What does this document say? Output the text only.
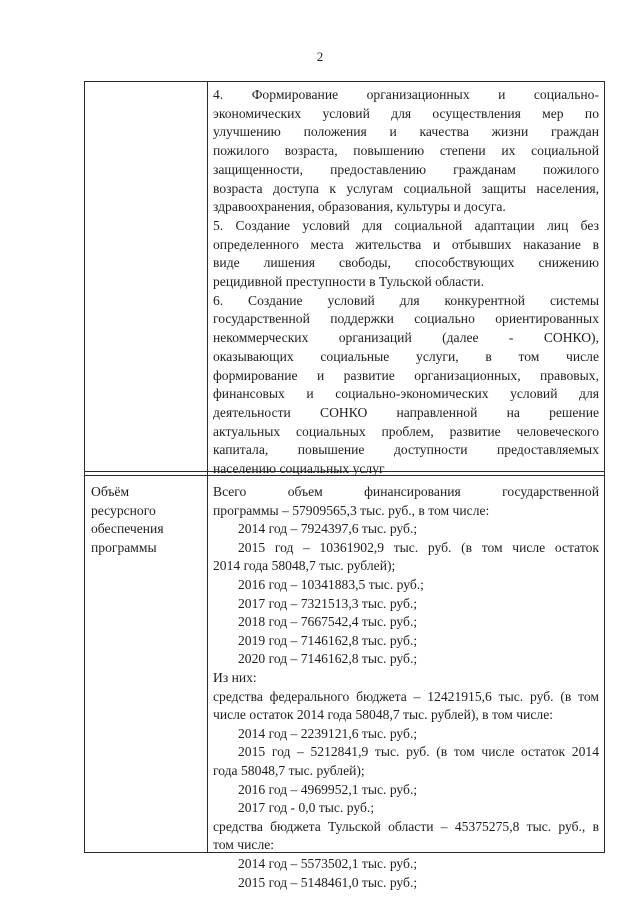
2
4. Формирование организационных и социально-
экономических условий для осуществления мер по
улучшению положения и качества жизни граждан
пожилого возраста, повышению степени их социальной
защищенности, предоставлению гражданам пожилого
возраста доступа к услугам социальной защиты населения,
здравоохранения, образования, культуры и досуга.
5. Создание условий для социальной адаптации лиц без
определенного места жительства и отбывших наказание в
виде лишения свободы, способствующих снижению
рецидивной преступности в Тульской области.
6. Создание условий для конкурентной системы
государственной поддержки социально ориентированных
некоммерческих организаций (далее - СОНКО),
оказывающих социальные услуги, в том числе
формирование и развитие организационных, правовых,
финансовых и социально-экономических условий для
деятельности СОНКО направленной на решение
актуальных социальных проблем, развитие человеческого
капитала, повышение доступности предоставляемых
населению социальных услуг
Объём
ресурсного
обеспечения
программы
Всего объем финансирования государственной
программы – 57909565,3 тыс. руб., в том числе:
2014 год – 7924397,6 тыс. руб.;
2015 год – 10361902,9 тыс. руб. (в том числе остаток
2014 года 58048,7 тыс. рублей);
2016 год – 10341883,5 тыс. руб.;
2017 год – 7321513,3 тыс. руб.;
2018 год – 7667542,4 тыс. руб.;
2019 год – 7146162,8 тыс. руб.;
2020 год – 7146162,8 тыс. руб.;
Из них:
средства федерального бюджета – 12421915,6 тыс. руб. (в том
числе остаток 2014 года 58048,7 тыс. рублей), в том числе:
2014 год – 2239121,6 тыс. руб.;
2015 год – 5212841,9 тыс. руб. (в том числе остаток 2014
года 58048,7 тыс. рублей);
2016 год – 4969952,1 тыс. руб.;
2017 год - 0,0 тыс. руб.;
средства бюджета Тульской области – 45375275,8 тыс. руб., в
том числе:
2014 год – 5573502,1 тыс. руб.;
2015 год – 5148461,0 тыс. руб.;
